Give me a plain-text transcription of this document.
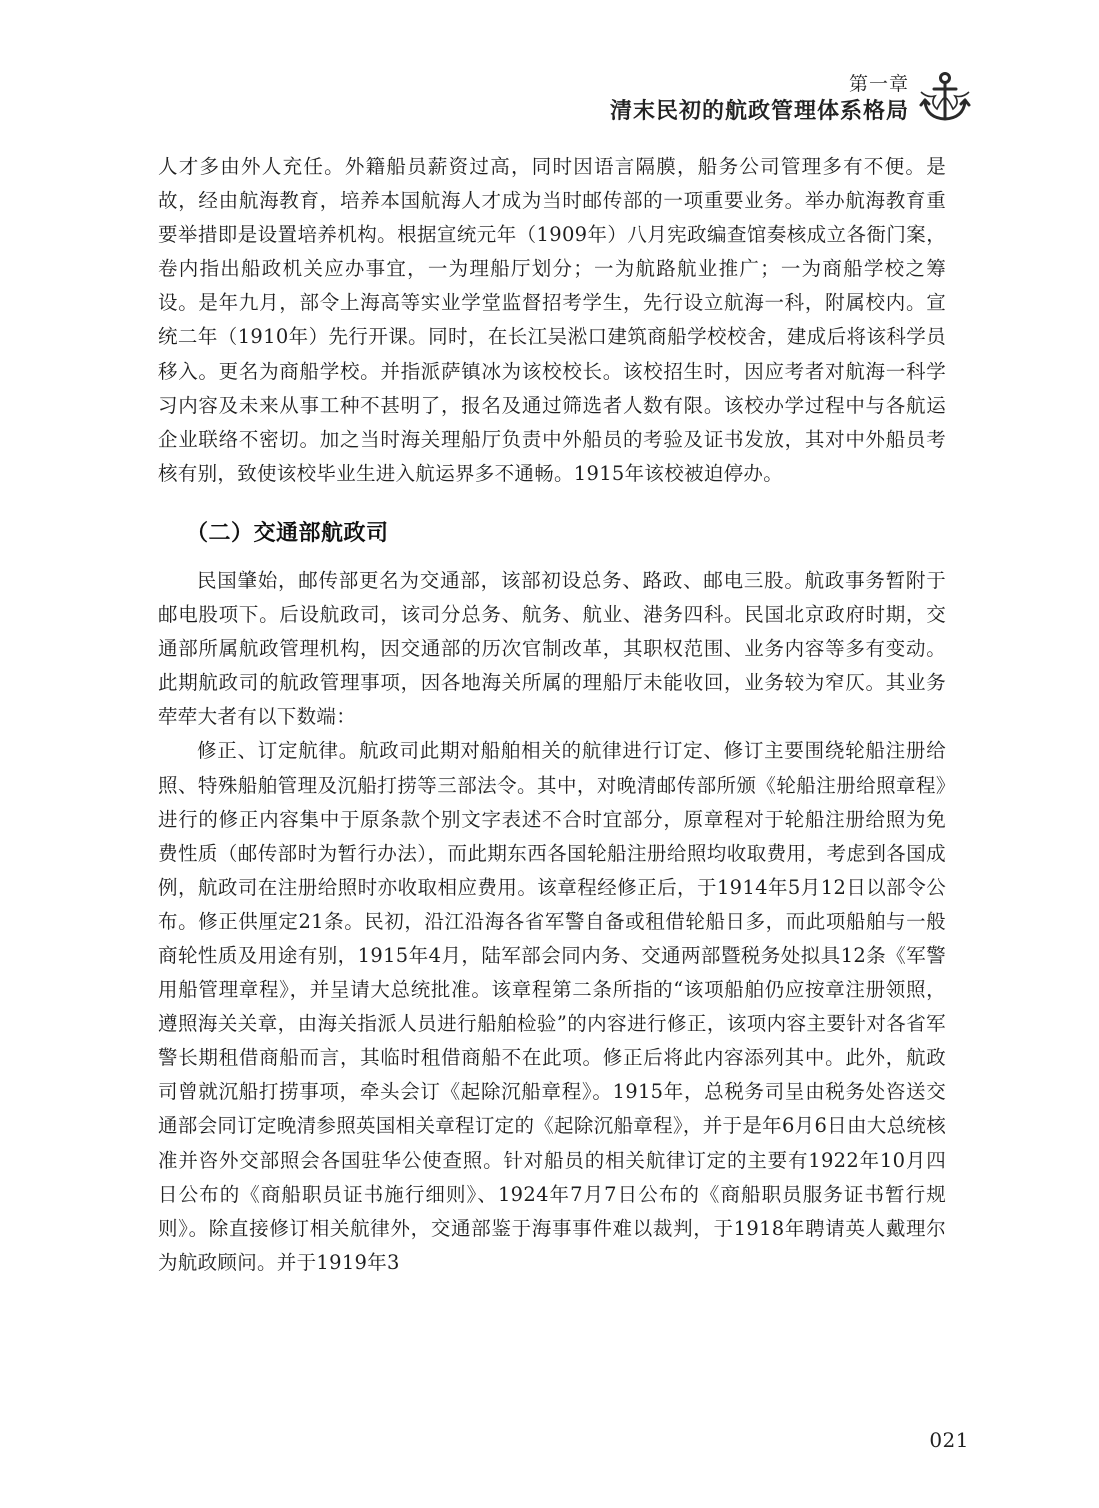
第一章
清末民初的航政管理体系格局

人才多由外人充任。外籍船员薪资过高，同时因语言隔膜，船务公司管理多有不便。是故，经由航海教育，培养本国航海人才成为当时邮传部的一项重要业务。举办航海教育重要举措即是设置培养机构。根据宣统元年（1909年）八月宪政编查馆奏核成立各衙门案，卷内指出船政机关应办事宜，一为理船厅划分；一为航路航业推广；一为商船学校之筹设。是年九月，部令上海高等实业学堂监督招考学生，先行设立航海一科，附属校内。宣统二年（1910年）先行开课。同时，在长江吴淞口建筑商船学校校舍，建成后将该科学员移入。更名为商船学校。并指派萨镇冰为该校校长。该校招生时，因应考者对航海一科学习内容及未来从事工种不甚明了，报名及通过筛选者人数有限。该校办学过程中与各航运企业联络不密切。加之当时海关理船厅负责中外船员的考验及证书发放，其对中外船员考核有别，致使该校毕业生进入航运界多不通畅。1915年该校被迫停办。

（二）交通部航政司

民国肇始，邮传部更名为交通部，该部初设总务、路政、邮电三股。航政事务暂附于邮电股项下。后设航政司，该司分总务、航务、航业、港务四科。民国北京政府时期，交通部所属航政管理机构，因交通部的历次官制改革，其职权范围、业务内容等多有变动。此期航政司的航政管理事项，因各地海关所属的理船厅未能收回，业务较为窄仄。其业务荦荦大者有以下数端：

修正、订定航律。航政司此期对船舶相关的航律进行订定、修订主要围绕轮船注册给照、特殊船舶管理及沉船打捞等三部法令。其中，对晚清邮传部所颁《轮船注册给照章程》进行的修正内容集中于原条款个别文字表述不合时宜部分，原章程对于轮船注册给照为免费性质（邮传部时为暂行办法），而此期东西各国轮船注册给照均收取费用，考虑到各国成例，航政司在注册给照时亦收取相应费用。该章程经修正后，于1914年5月12日以部令公布。修正供厘定21条。民初，沿江沿海各省军警自备或租借轮船日多，而此项船舶与一般商轮性质及用途有别，1915年4月，陆军部会同内务、交通两部暨税务处拟具12条《军警用船管理章程》，并呈请大总统批准。该章程第二条所指的“该项船舶仍应按章注册领照，遵照海关关章，由海关指派人员进行船舶检验”的内容进行修正，该项内容主要针对各省军警长期租借商船而言，其临时租借商船不在此项。修正后将此内容添列其中。此外，航政司曾就沉船打捞事项，牵头会订《起除沉船章程》。1915年，总税务司呈由税务处咨送交通部会同订定晚清参照英国相关章程订定的《起除沉船章程》，并于是年6月6日由大总统核准并咨外交部照会各国驻华公使查照。针对船员的相关航律订定的主要有1922年10月四日公布的《商船职员证书施行细则》、1924年7月7日公布的《商船职员服务证书暂行规则》。除直接修订相关航律外，交通部鉴于海事事件难以裁判，于1918年聘请英人戴理尔为航政顾问。并于1919年3

021
